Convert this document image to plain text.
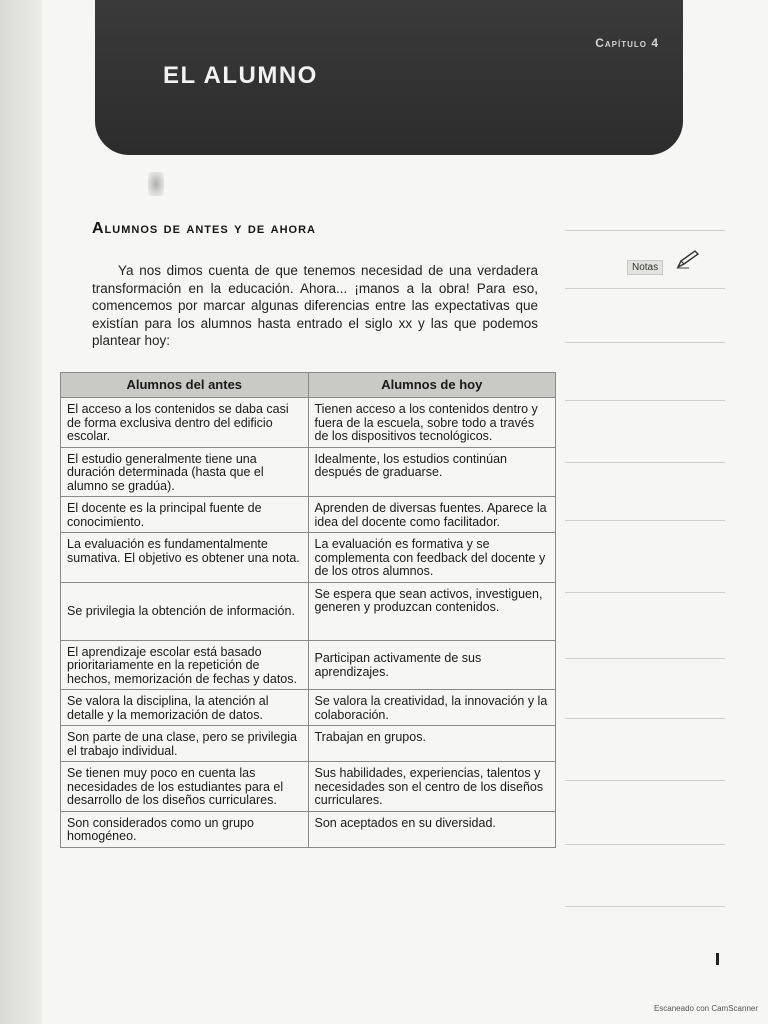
Capítulo 4
EL ALUMNO
Alumnos de antes y de ahora

Ya nos dimos cuenta de que tenemos necesidad de una verdadera transformación en la educación. Ahora... ¡manos a la obra! Para eso, comencemos por marcar algunas diferencias entre las expectativas que existían para los alumnos hasta entrado el siglo xx y las que podemos plantear hoy:

Notas
Alumnos del antes	Alumnos de hoy
El acceso a los contenidos se daba casi de forma exclusiva dentro del edificio escolar.	Tienen acceso a los contenidos dentro y fuera de la escuela, sobre todo a través de los dispositivos tecnológicos.
El estudio generalmente tiene una duración determinada (hasta que el alumno se gradúa).	Idealmente, los estudios continúan después de graduarse.
El docente es la principal fuente de conocimiento.	Aprenden de diversas fuentes. Aparece la idea del docente como facilitador.
La evaluación es fundamentalmente sumativa. El objetivo es obtener una nota.	La evaluación es formativa y se complementa con feedback del docente y de los otros alumnos.
Se privilegia la obtención de información.	Se espera que sean activos, investiguen, generen y produzcan contenidos.
El aprendizaje escolar está basado prioritariamente en la repetición de hechos, memorización de fechas y datos.	Participan activamente de sus aprendizajes.
Se valora la disciplina, la atención al detalle y la memorización de datos.	Se valora la creatividad, la innovación y la colaboración.
Son parte de una clase, pero se privilegia el trabajo individual.	Trabajan en grupos.
Se tienen muy poco en cuenta las necesidades de los estudiantes para el desarrollo de los diseños curriculares.	Sus habilidades, experiencias, talentos y necesidades son el centro de los diseños curriculares.
Son considerados como un grupo homogéneo.	Son aceptados en su diversidad.
Escaneado con CamScanner
